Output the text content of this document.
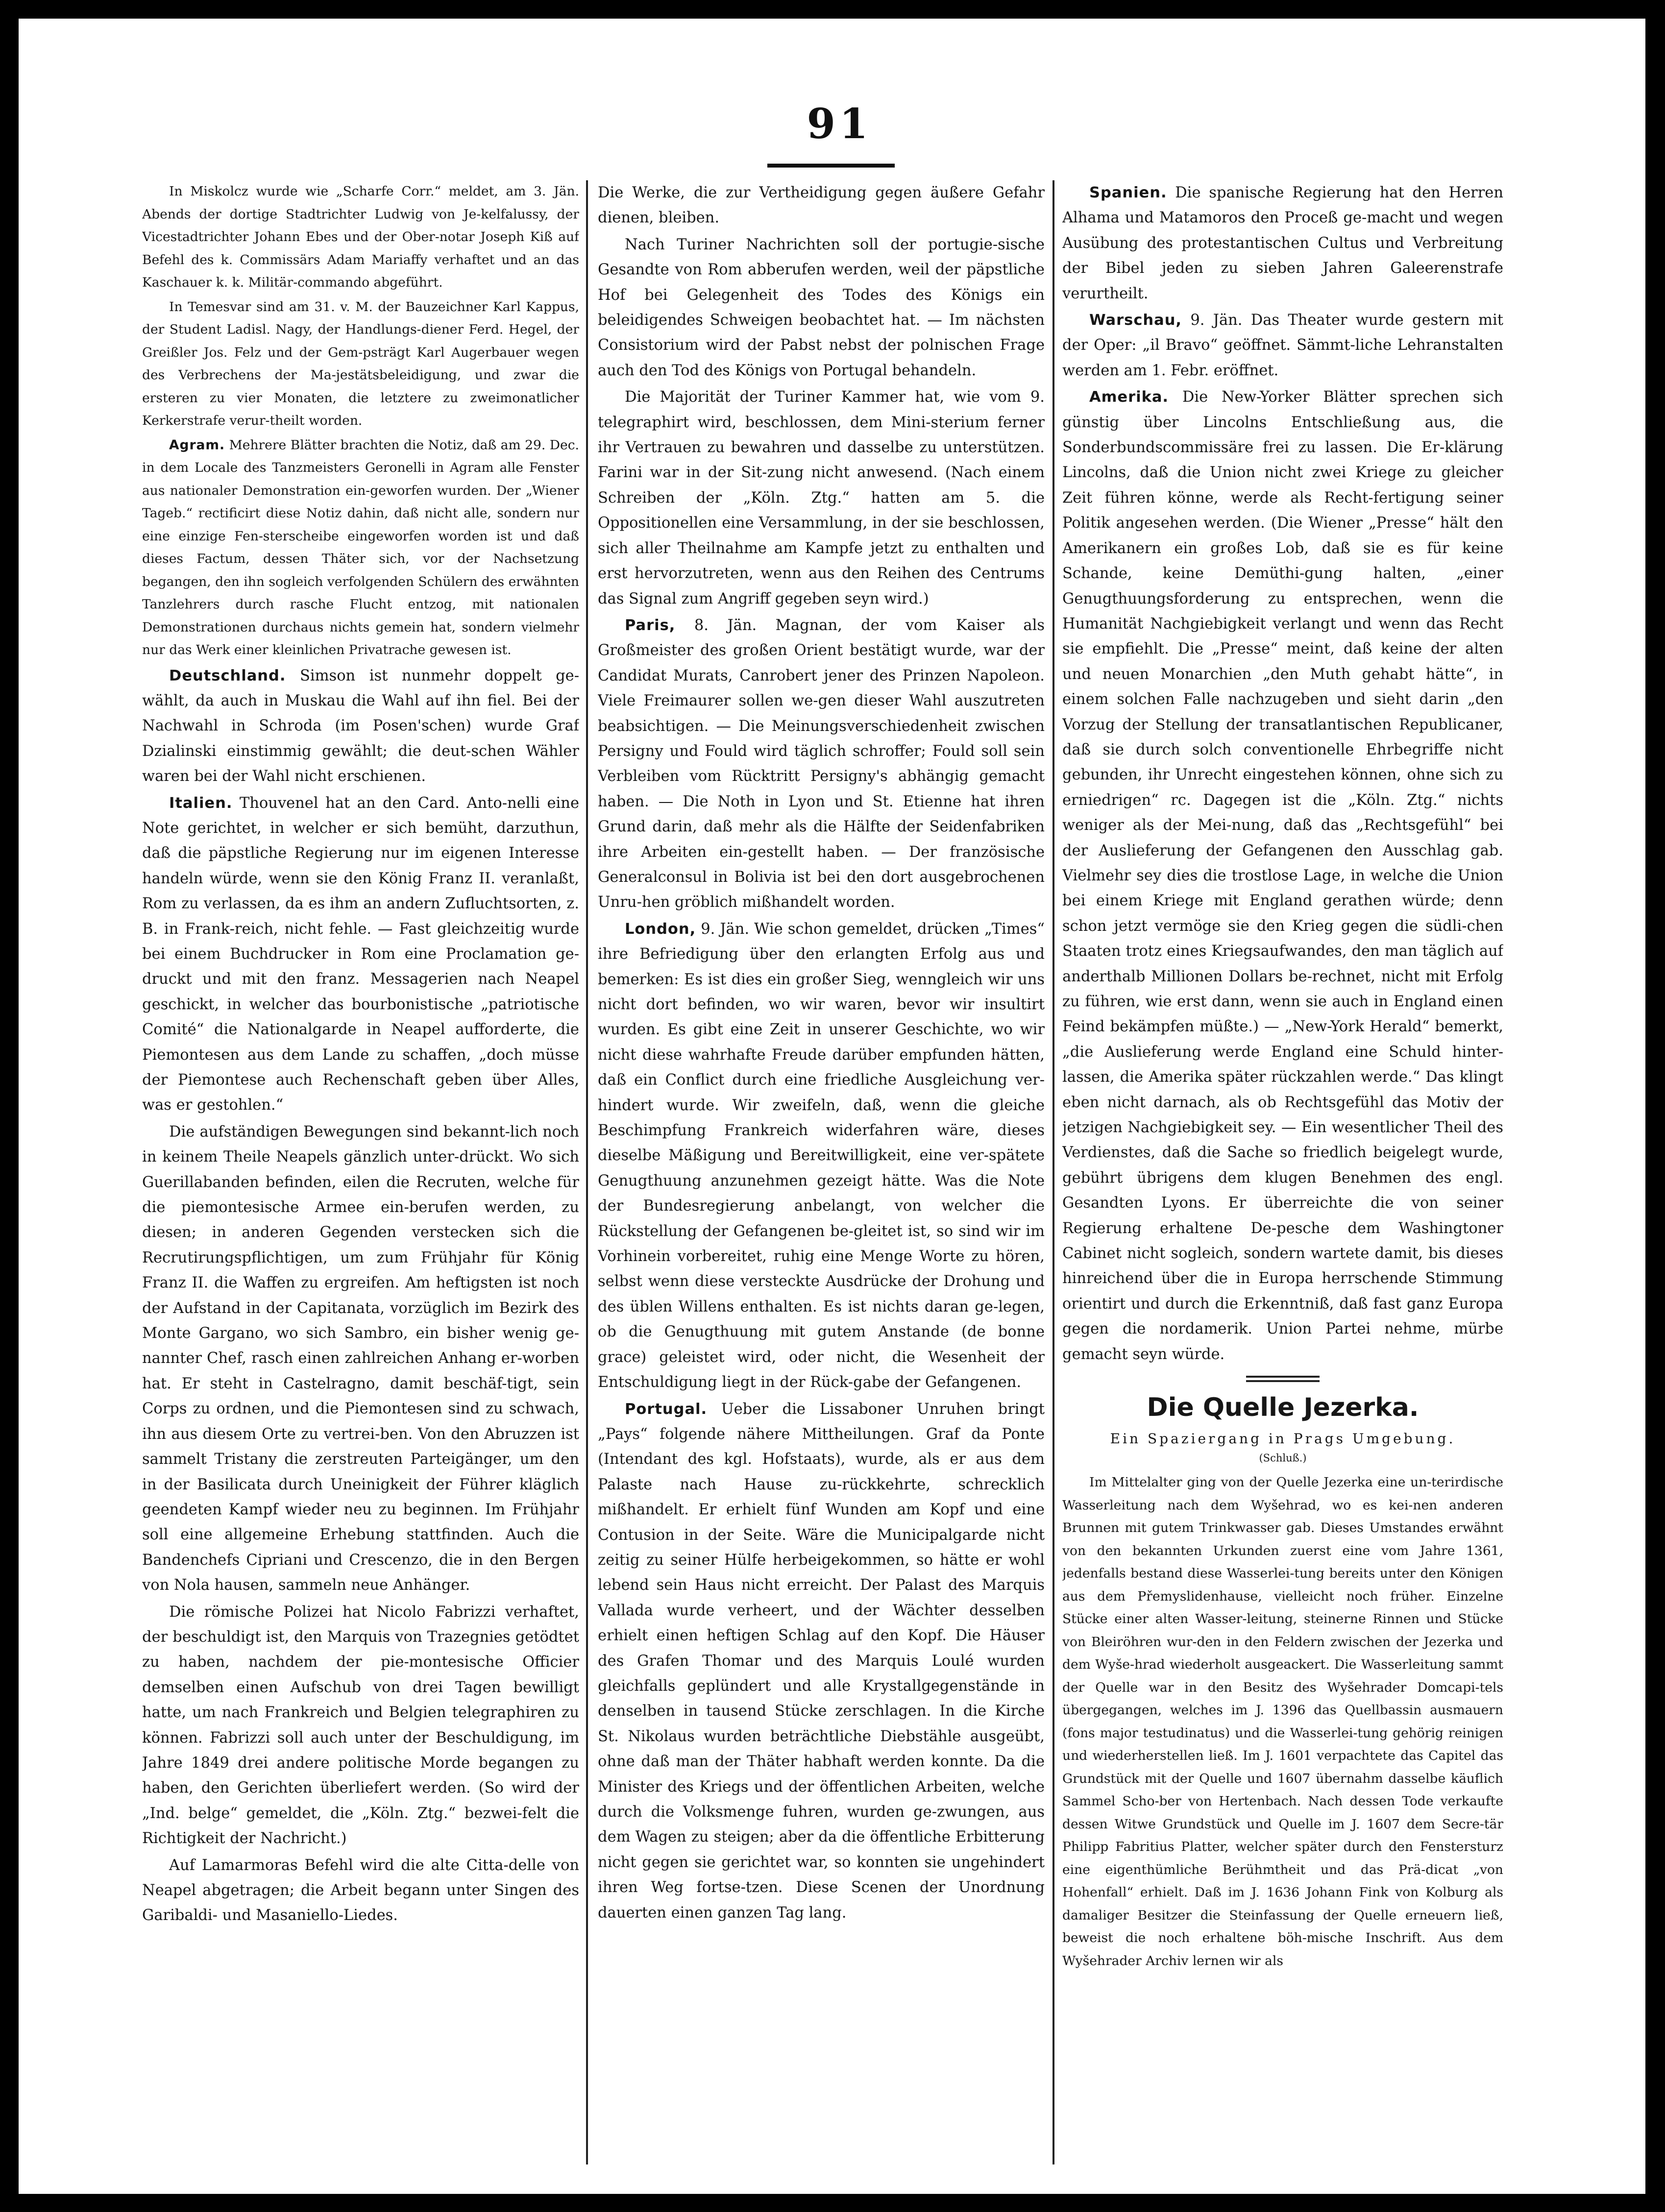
91

In Miskolcz wurde wie „Scharfe Corr.“ meldet, am 3. Jän. Abends der dortige Stadtrichter Ludwig von Je-kelfalussy, der Vicestadtrichter Johann Ebes und der Ober-notar Joseph Kiß auf Befehl des k. Commissärs Adam Mariaffy verhaftet und an das Kaschauer k. k. Militär-commando abgeführt.

In Temesvar sind am 31. v. M. der Bauzeichner Karl Kappus, der Student Ladisl. Nagy, der Handlungs-diener Ferd. Hegel, der Greißler Jos. Felz und der Gem-psträgt Karl Augerbauer wegen des Verbrechens der Ma-jestätsbeleidigung, und zwar die ersteren zu vier Monaten, die letztere zu zweimonatlicher Kerkerstrafe verur-theilt worden.

Agram. Mehrere Blätter brachten die Notiz, daß am 29. Dec. in dem Locale des Tanzmeisters Geronelli in Agram alle Fenster aus nationaler Demonstration ein-geworfen wurden. Der „Wiener Tageb.“ rectificirt diese Notiz dahin, daß nicht alle, sondern nur eine einzige Fen-sterscheibe eingeworfen worden ist und daß dieses Factum, dessen Thäter sich, vor der Nachsetzung begangen, den ihn sogleich verfolgenden Schülern des erwähnten Tanzlehrers durch rasche Flucht entzog, mit nationalen Demonstrationen durchaus nichts gemein hat, sondern vielmehr nur das Werk einer kleinlichen Privatrache gewesen ist.

Deutschland. Simson ist nunmehr doppelt ge-wählt, da auch in Muskau die Wahl auf ihn fiel. Bei der Nachwahl in Schroda (im Posen'schen) wurde Graf Dzialinski einstimmig gewählt; die deut-schen Wähler waren bei der Wahl nicht erschienen.

Italien. Thouvenel hat an den Card. Anto-nelli eine Note gerichtet, in welcher er sich bemüht, darzuthun, daß die päpstliche Regierung nur im eigenen Interesse handeln würde, wenn sie den König Franz II. veranlaßt, Rom zu verlassen, da es ihm an andern Zufluchtsorten, z. B. in Frank-reich, nicht fehle. — Fast gleichzeitig wurde bei einem Buchdrucker in Rom eine Proclamation ge-druckt und mit den franz. Messagerien nach Neapel geschickt, in welcher das bourbonistische „patriotische Comité“ die Nationalgarde in Neapel aufforderte, die Piemontesen aus dem Lande zu schaffen, „doch müsse der Piemontese auch Rechenschaft geben über Alles, was er gestohlen.“

Die aufständigen Bewegungen sind bekannt-lich noch in keinem Theile Neapels gänzlich unter-drückt. Wo sich Guerillabanden befinden, eilen die Recruten, welche für die piemontesische Armee ein-berufen werden, zu diesen; in anderen Gegenden verstecken sich die Recrutirungspflichtigen, um zum Frühjahr für König Franz II. die Waffen zu ergreifen. Am heftigsten ist noch der Aufstand in der Capitanata, vorzüglich im Bezirk des Monte Gargano, wo sich Sambro, ein bisher wenig ge-nannter Chef, rasch einen zahlreichen Anhang er-worben hat. Er steht in Castelragno, damit beschäf-tigt, sein Corps zu ordnen, und die Piemontesen sind zu schwach, ihn aus diesem Orte zu vertrei-ben. Von den Abruzzen ist sammelt Tristany die zerstreuten Parteigänger, um den in der Basilicata durch Uneinigkeit der Führer kläglich geendeten Kampf wieder neu zu beginnen. Im Frühjahr soll eine allgemeine Erhebung stattfinden. Auch die Bandenchefs Cipriani und Crescenzo, die in den Bergen von Nola hausen, sammeln neue Anhänger.

Die römische Polizei hat Nicolo Fabrizzi verhaftet, der beschuldigt ist, den Marquis von Trazegnies getödtet zu haben, nachdem der pie-montesische Officier demselben einen Aufschub von drei Tagen bewilligt hatte, um nach Frankreich und Belgien telegraphiren zu können. Fabrizzi soll auch unter der Beschuldigung, im Jahre 1849 drei andere politische Morde begangen zu haben, den Gerichten überliefert werden. (So wird der „Ind. belge“ gemeldet, die „Köln. Ztg.“ bezwei-felt die Richtigkeit der Nachricht.)

Auf Lamarmoras Befehl wird die alte Citta-delle von Neapel abgetragen; die Arbeit begann unter Singen des Garibaldi- und Masaniello-Liedes.

Die Werke, die zur Vertheidigung gegen äußere Gefahr dienen, bleiben.

Nach Turiner Nachrichten soll der portugie-sische Gesandte von Rom abberufen werden, weil der päpstliche Hof bei Gelegenheit des Todes des Königs ein beleidigendes Schweigen beobachtet hat. — Im nächsten Consistorium wird der Pabst nebst der polnischen Frage auch den Tod des Königs von Portugal behandeln.

Die Majorität der Turiner Kammer hat, wie vom 9. telegraphirt wird, beschlossen, dem Mini-sterium ferner ihr Vertrauen zu bewahren und dasselbe zu unterstützen. Farini war in der Sit-zung nicht anwesend. (Nach einem Schreiben der „Köln. Ztg.“ hatten am 5. die Oppositionellen eine Versammlung, in der sie beschlossen, sich aller Theilnahme am Kampfe jetzt zu enthalten und erst hervorzutreten, wenn aus den Reihen des Centrums das Signal zum Angriff gegeben seyn wird.)

Paris, 8. Jän. Magnan, der vom Kaiser als Großmeister des großen Orient bestätigt wurde, war der Candidat Murats, Canrobert jener des Prinzen Napoleon. Viele Freimaurer sollen we-gen dieser Wahl auszutreten beabsichtigen. — Die Meinungsverschiedenheit zwischen Persigny und Fould wird täglich schroffer; Fould soll sein Verbleiben vom Rücktritt Persigny's abhängig gemacht haben. — Die Noth in Lyon und St. Etienne hat ihren Grund darin, daß mehr als die Hälfte der Seidenfabriken ihre Arbeiten ein-gestellt haben. — Der französische Generalconsul in Bolivia ist bei den dort ausgebrochenen Unru-hen gröblich mißhandelt worden.

London, 9. Jän. Wie schon gemeldet, drücken „Times“ ihre Befriedigung über den erlangten Erfolg aus und bemerken: Es ist dies ein großer Sieg, wenngleich wir uns nicht dort befinden, wo wir waren, bevor wir insultirt wurden. Es gibt eine Zeit in unserer Geschichte, wo wir nicht diese wahrhafte Freude darüber empfunden hätten, daß ein Conflict durch eine friedliche Ausgleichung ver-hindert wurde. Wir zweifeln, daß, wenn die gleiche Beschimpfung Frankreich widerfahren wäre, dieses dieselbe Mäßigung und Bereitwilligkeit, eine ver-spätete Genugthuung anzunehmen gezeigt hätte. Was die Note der Bundesregierung anbelangt, von welcher die Rückstellung der Gefangenen be-gleitet ist, so sind wir im Vorhinein vorbereitet, ruhig eine Menge Worte zu hören, selbst wenn diese versteckte Ausdrücke der Drohung und des üblen Willens enthalten. Es ist nichts daran ge-legen, ob die Genugthuung mit gutem Anstande (de bonne grace) geleistet wird, oder nicht, die Wesenheit der Entschuldigung liegt in der Rück-gabe der Gefangenen.

Portugal. Ueber die Lissaboner Unruhen bringt „Pays“ folgende nähere Mittheilungen. Graf da Ponte (Intendant des kgl. Hofstaats), wurde, als er aus dem Palaste nach Hause zu-rückkehrte, schrecklich mißhandelt. Er erhielt fünf Wunden am Kopf und eine Contusion in der Seite. Wäre die Municipalgarde nicht zeitig zu seiner Hülfe herbeigekommen, so hätte er wohl lebend sein Haus nicht erreicht. Der Palast des Marquis Vallada wurde verheert, und der Wächter desselben erhielt einen heftigen Schlag auf den Kopf. Die Häuser des Grafen Thomar und des Marquis Loulé wurden gleichfalls geplündert und alle Krystallgegenstände in denselben in tausend Stücke zerschlagen. In die Kirche St. Nikolaus wurden beträchtliche Diebstähle ausgeübt, ohne daß man der Thäter habhaft werden konnte. Da die Minister des Kriegs und der öffentlichen Arbeiten, welche durch die Volksmenge fuhren, wurden ge-zwungen, aus dem Wagen zu steigen; aber da die öffentliche Erbitterung nicht gegen sie gerichtet war, so konnten sie ungehindert ihren Weg fortse-tzen. Diese Scenen der Unordnung dauerten einen ganzen Tag lang.

Spanien. Die spanische Regierung hat den Herren Alhama und Matamoros den Proceß ge-macht und wegen Ausübung des protestantischen Cultus und Verbreitung der Bibel jeden zu sieben Jahren Galeerenstrafe verurtheilt.

Warschau, 9. Jän. Das Theater wurde gestern mit der Oper: „il Bravo“ geöffnet. Sämmt-liche Lehranstalten werden am 1. Febr. eröffnet.

Amerika. Die New-Yorker Blätter sprechen sich günstig über Lincolns Entschließung aus, die Sonderbundscommissäre frei zu lassen. Die Er-klärung Lincolns, daß die Union nicht zwei Kriege zu gleicher Zeit führen könne, werde als Recht-fertigung seiner Politik angesehen werden. (Die Wiener „Presse“ hält den Amerikanern ein großes Lob, daß sie es für keine Schande, keine Demüthi-gung halten, „einer Genugthuungsforderung zu entsprechen, wenn die Humanität Nachgiebigkeit verlangt und wenn das Recht sie empfiehlt. Die „Presse“ meint, daß keine der alten und neuen Monarchien „den Muth gehabt hätte“, in einem solchen Falle nachzugeben und sieht darin „den Vorzug der Stellung der transatlantischen Republicaner, daß sie durch solch conventionelle Ehrbegriffe nicht gebunden, ihr Unrecht eingestehen können, ohne sich zu erniedrigen“ rc. Dagegen ist die „Köln. Ztg.“ nichts weniger als der Mei-nung, daß das „Rechtsgefühl“ bei der Auslieferung der Gefangenen den Ausschlag gab. Vielmehr sey dies die trostlose Lage, in welche die Union bei einem Kriege mit England gerathen würde; denn schon jetzt vermöge sie den Krieg gegen die südli-chen Staaten trotz eines Kriegsaufwandes, den man täglich auf anderthalb Millionen Dollars be-rechnet, nicht mit Erfolg zu führen, wie erst dann, wenn sie auch in England einen Feind bekämpfen müßte.) — „New-York Herald“ bemerkt, „die Auslieferung werde England eine Schuld hinter-lassen, die Amerika später rückzahlen werde.“ Das klingt eben nicht darnach, als ob Rechtsgefühl das Motiv der jetzigen Nachgiebigkeit sey. — Ein wesentlicher Theil des Verdienstes, daß die Sache so friedlich beigelegt wurde, gebührt übrigens dem klugen Benehmen des engl. Gesandten Lyons. Er überreichte die von seiner Regierung erhaltene De-pesche dem Washingtoner Cabinet nicht sogleich, sondern wartete damit, bis dieses hinreichend über die in Europa herrschende Stimmung orientirt und durch die Erkenntniß, daß fast ganz Europa gegen die nordamerik. Union Partei nehme, mürbe gemacht seyn würde.

Die Quelle Jezerka.

Ein Spaziergang in Prags Umgebung.

(Schluß.)

Im Mittelalter ging von der Quelle Jezerka eine un-terirdische Wasserleitung nach dem Wyšehrad, wo es kei-nen anderen Brunnen mit gutem Trinkwasser gab. Dieses Umstandes erwähnt von den bekannten Urkunden zuerst eine vom Jahre 1361, jedenfalls bestand diese Wasserlei-tung bereits unter den Königen aus dem Přemyslidenhause, vielleicht noch früher. Einzelne Stücke einer alten Wasser-leitung, steinerne Rinnen und Stücke von Bleiröhren wur-den in den Feldern zwischen der Jezerka und dem Wyše-hrad wiederholt ausgeackert. Die Wasserleitung sammt der Quelle war in den Besitz des Wyšehrader Domcapi-tels übergegangen, welches im J. 1396 das Quellbassin ausmauern (fons major testudinatus) und die Wasserlei-tung gehörig reinigen und wiederherstellen ließ. Im J. 1601 verpachtete das Capitel das Grundstück mit der Quelle und 1607 übernahm dasselbe käuflich Sammel Scho-ber von Hertenbach. Nach dessen Tode verkaufte dessen Witwe Grundstück und Quelle im J. 1607 dem Secre-tär Philipp Fabritius Platter, welcher später durch den Fenstersturz eine eigenthümliche Berühmtheit und das Prä-dicat „von Hohenfall“ erhielt. Daß im J. 1636 Johann Fink von Kolburg als damaliger Besitzer die Steinfassung der Quelle erneuern ließ, beweist die noch erhaltene böh-mische Inschrift. Aus dem Wyšehrader Archiv lernen wir als
